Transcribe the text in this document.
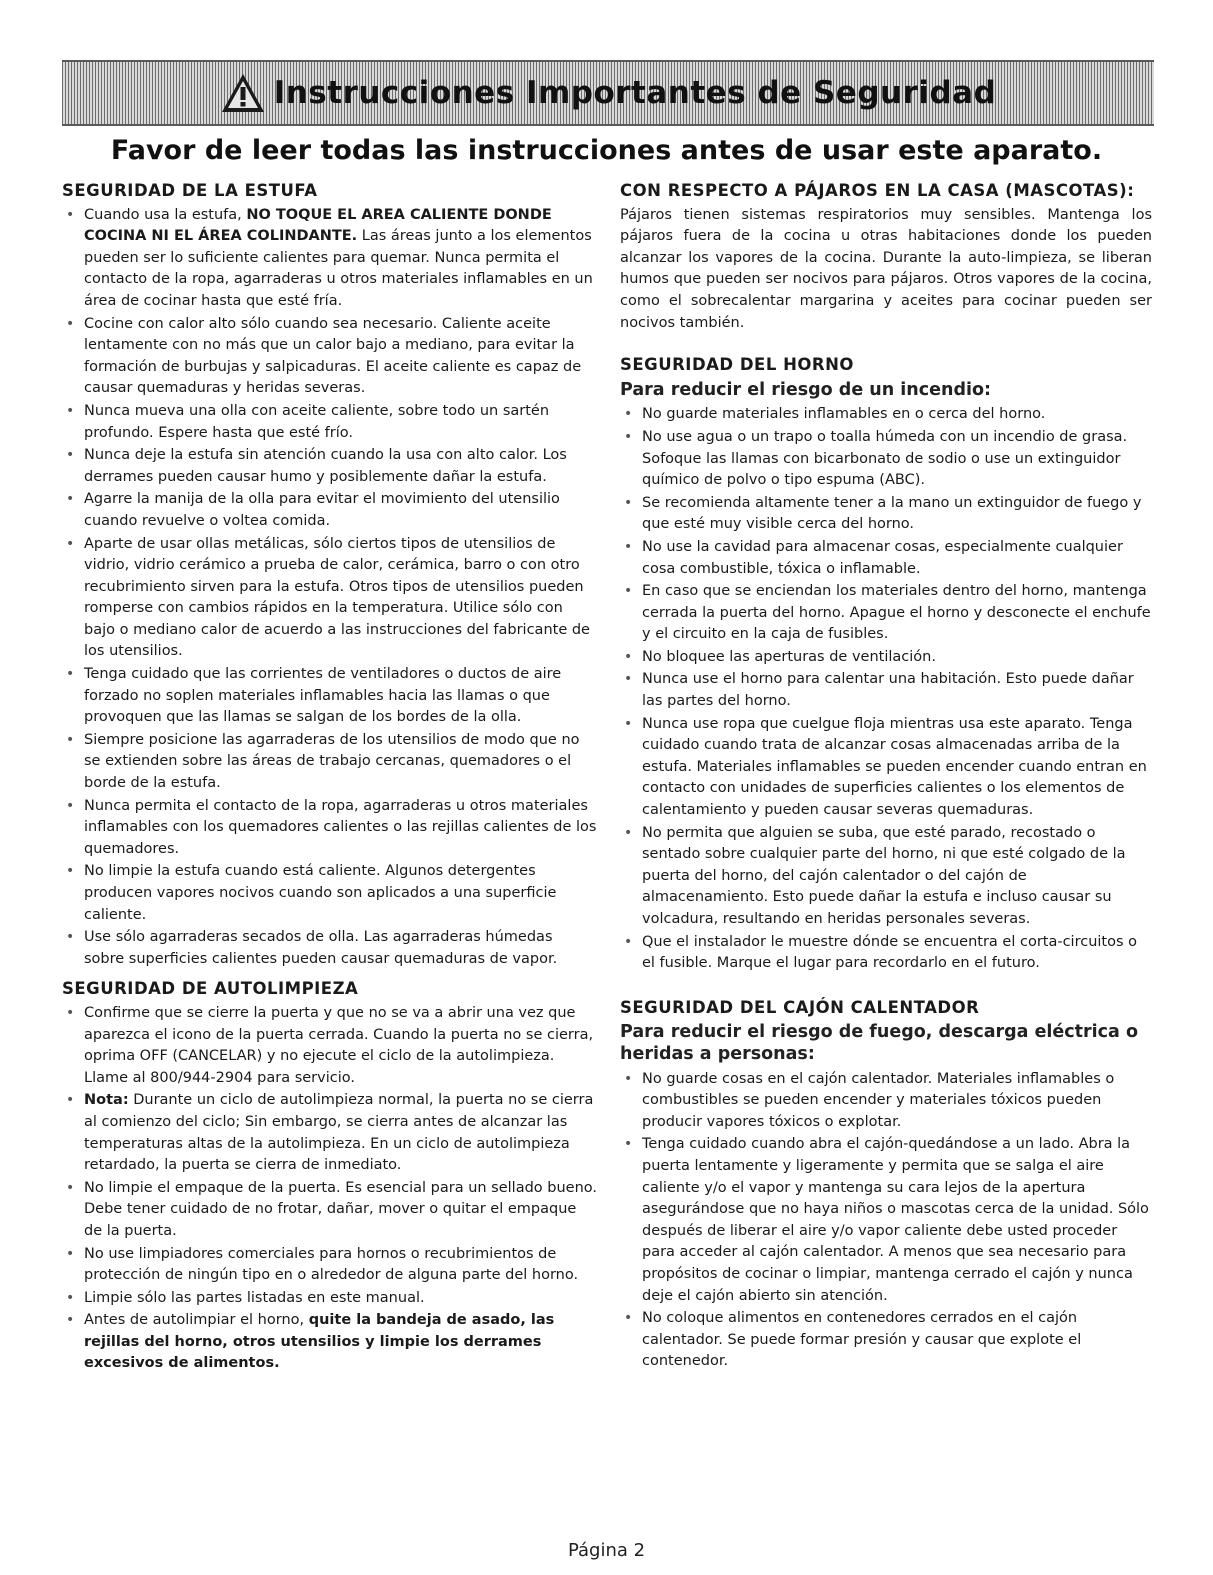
Instrucciones Importantes de Seguridad
Favor de leer todas las instrucciones antes de usar este aparato.
SEGURIDAD DE LA ESTUFA
• Cuando usa la estufa, NO TOQUE EL AREA CALIENTE DONDE COCINA NI EL ÁREA COLINDANTE. Las áreas junto a los elementos pueden ser lo suficiente calientes para quemar. Nunca permita el contacto de la ropa, agarraderas u otros materiales inflamables en un área de cocinar hasta que esté fría.
• Cocine con calor alto sólo cuando sea necesario. Caliente aceite lentamente con no más que un calor bajo a mediano, para evitar la formación de burbujas y salpicaduras. El aceite caliente es capaz de causar quemaduras y heridas severas.
• Nunca mueva una olla con aceite caliente, sobre todo un sartén profundo. Espere hasta que esté frío.
• Nunca deje la estufa sin atención cuando la usa con alto calor. Los derrames pueden causar humo y posiblemente dañar la estufa.
• Agarre la manija de la olla para evitar el movimiento del utensilio cuando revuelve o voltea comida.
• Aparte de usar ollas metálicas, sólo ciertos tipos de utensilios de vidrio, vidrio cerámico a prueba de calor, cerámica, barro o con otro recubrimiento sirven para la estufa. Otros tipos de utensilios pueden romperse con cambios rápidos en la temperatura. Utilice sólo con bajo o mediano calor de acuerdo a las instrucciones del fabricante de los utensilios.
• Tenga cuidado que las corrientes de ventiladores o ductos de aire forzado no soplen materiales inflamables hacia las llamas o que provoquen que las llamas se salgan de los bordes de la olla.
• Siempre posicione las agarraderas de los utensilios de modo que no se extienden sobre las áreas de trabajo cercanas, quemadores o el borde de la estufa.
• Nunca permita el contacto de la ropa, agarraderas u otros materiales inflamables con los quemadores calientes o las rejillas calientes de los quemadores.
• No limpie la estufa cuando está caliente. Algunos detergentes producen vapores nocivos cuando son aplicados a una superficie caliente.
• Use sólo agarraderas secados de olla. Las agarraderas húmedas sobre superficies calientes pueden causar quemaduras de vapor.
SEGURIDAD DE AUTOLIMPIEZA
• Confirme que se cierre la puerta y que no se va a abrir una vez que aparezca el icono de la puerta cerrada. Cuando la puerta no se cierra, oprima OFF (CANCELAR) y no ejecute el ciclo de la autolimpieza. Llame al 800/944-2904 para servicio.
• Nota: Durante un ciclo de autolimpieza normal, la puerta no se cierra al comienzo del ciclo; Sin embargo, se cierra antes de alcanzar las temperaturas altas de la autolimpieza. En un ciclo de autolimpieza retardado, la puerta se cierra de inmediato.
• No limpie el empaque de la puerta. Es esencial para un sellado bueno. Debe tener cuidado de no frotar, dañar, mover o quitar el empaque de la puerta.
• No use limpiadores comerciales para hornos o recubrimientos de protección de ningún tipo en o alrededor de alguna parte del horno.
• Limpie sólo las partes listadas en este manual.
• Antes de autolimpiar el horno, quite la bandeja de asado, las rejillas del horno, otros utensilios y limpie los derrames excesivos de alimentos.
CON RESPECTO A PÁJAROS EN LA CASA (MASCOTAS):

Pájaros tienen sistemas respiratorios muy sensibles. Mantenga los pájaros fuera de la cocina u otras habitaciones donde los pueden alcanzar los vapores de la cocina. Durante la auto-limpieza, se liberan humos que pueden ser nocivos para pájaros. Otros vapores de la cocina, como el sobrecalentar margarina y aceites para cocinar pueden ser nocivos también.

SEGURIDAD DEL HORNO
Para reducir el riesgo de un incendio:
• No guarde materiales inflamables en o cerca del horno.
• No use agua o un trapo o toalla húmeda con un incendio de grasa. Sofoque las llamas con bicarbonato de sodio o use un extinguidor químico de polvo o tipo espuma (ABC).
• Se recomienda altamente tener a la mano un extinguidor de fuego y que esté muy visible cerca del horno.
• No use la cavidad para almacenar cosas, especialmente cualquier cosa combustible, tóxica o inflamable.
• En caso que se enciendan los materiales dentro del horno, mantenga cerrada la puerta del horno. Apague el horno y desconecte el enchufe y el circuito en la caja de fusibles.
• No bloquee las aperturas de ventilación.
• Nunca use el horno para calentar una habitación. Esto puede dañar las partes del horno.
• Nunca use ropa que cuelgue floja mientras usa este aparato. Tenga cuidado cuando trata de alcanzar cosas almacenadas arriba de la estufa. Materiales inflamables se pueden encender cuando entran en contacto con unidades de superficies calientes o los elementos de calentamiento y pueden causar severas quemaduras.
• No permita que alguien se suba, que esté parado, recostado o sentado sobre cualquier parte del horno, ni que esté colgado de la puerta del horno, del cajón calentador o del cajón de almacenamiento. Esto puede dañar la estufa e incluso causar su volcadura, resultando en heridas personales severas.
• Que el instalador le muestre dónde se encuentra el corta-circuitos o el fusible. Marque el lugar para recordarlo en el futuro.
SEGURIDAD DEL CAJÓN CALENTADOR
Para reducir el riesgo de fuego, descarga eléctrica o heridas a personas:
• No guarde cosas en el cajón calentador. Materiales inflamables o combustibles se pueden encender y materiales tóxicos pueden producir vapores tóxicos o explotar.
• Tenga cuidado cuando abra el cajón-quedándose a un lado. Abra la puerta lentamente y ligeramente y permita que se salga el aire caliente y/o el vapor y mantenga su cara lejos de la apertura asegurándose que no haya niños o mascotas cerca de la unidad. Sólo después de liberar el aire y/o vapor caliente debe usted proceder para acceder al cajón calentador. A menos que sea necesario para propósitos de cocinar o limpiar, mantenga cerrado el cajón y nunca deje el cajón abierto sin atención.
• No coloque alimentos en contenedores cerrados en el cajón calentador. Se puede formar presión y causar que explote el contenedor.
Página 2
